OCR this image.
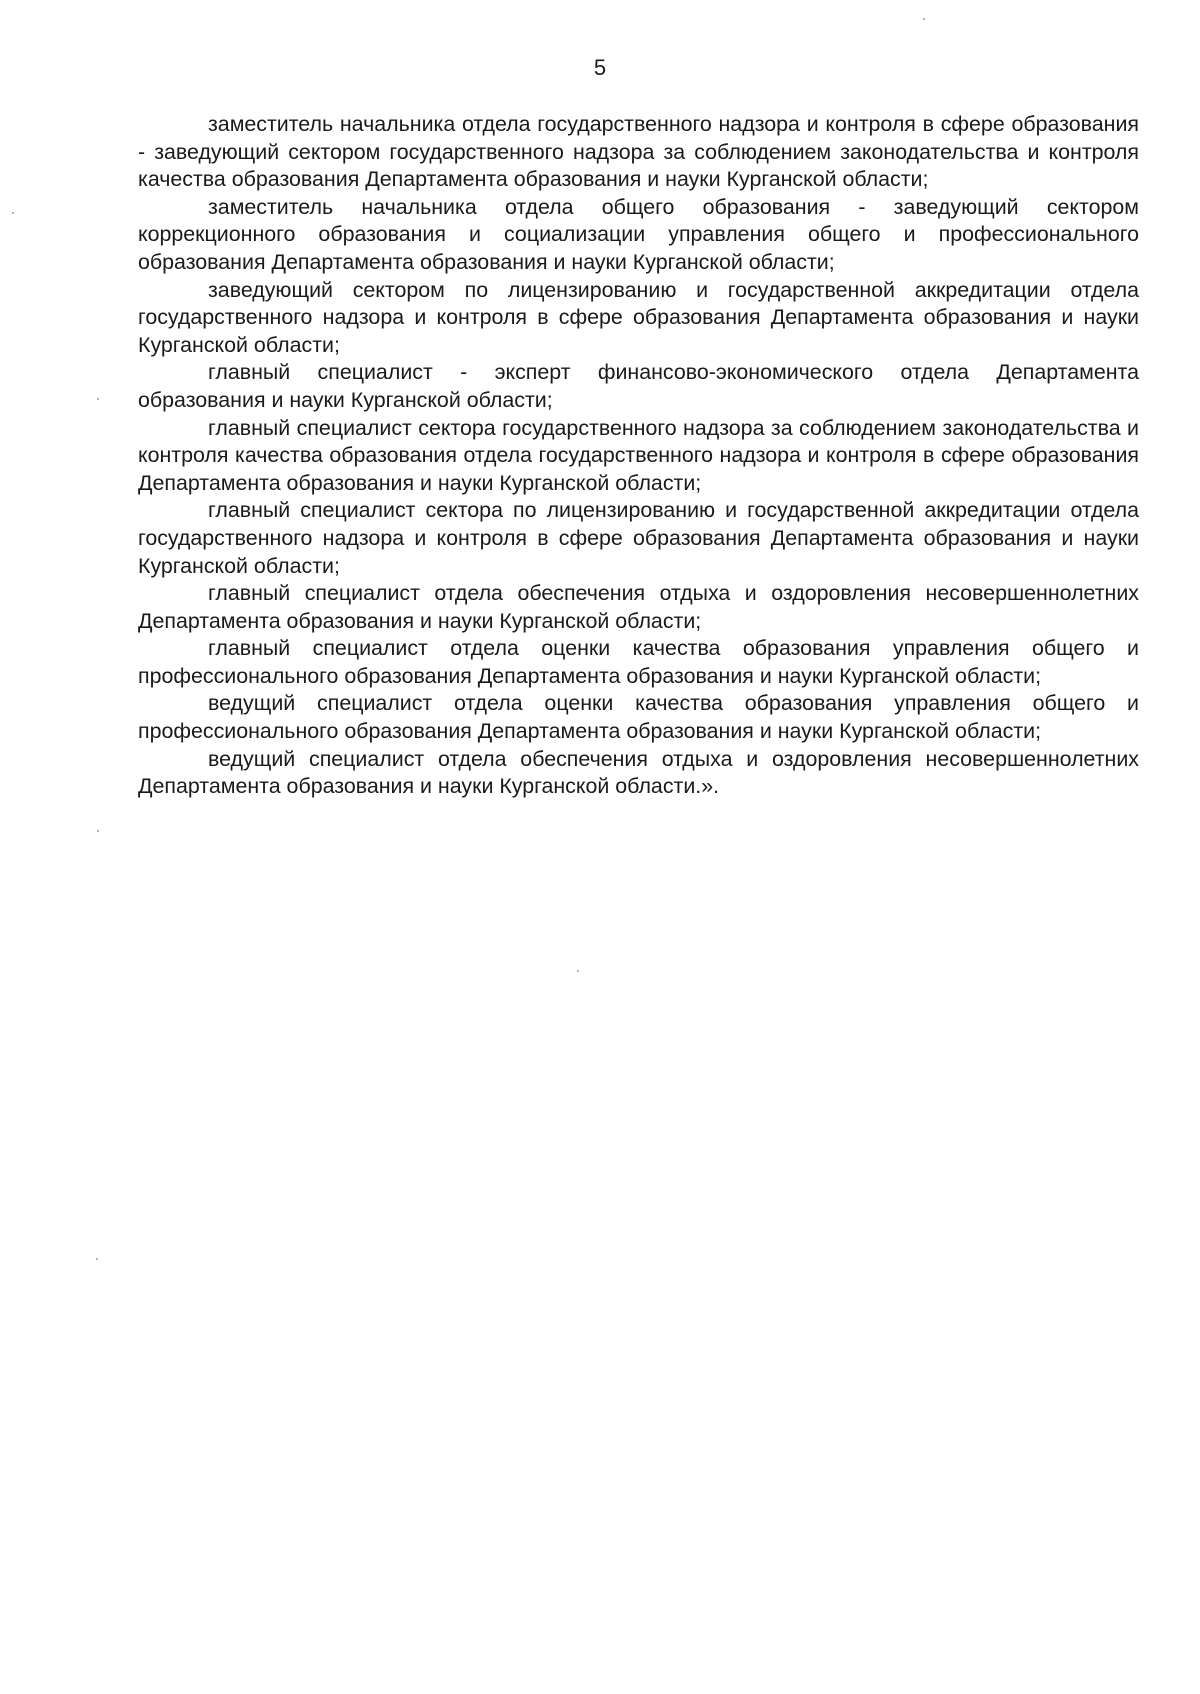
5

заместитель начальника отдела государственного надзора и контроля в сфере образования - заведующий сектором государственного надзора за соблюдением законодательства и контроля качества образования Департамента образования и науки Курганской области;

заместитель начальника отдела общего образования - заведующий сектором коррекционного образования и социализации управления общего и профессионального образования Департамента образования и науки Курганской области;

заведующий сектором по лицензированию и государственной аккредитации отдела государственного надзора и контроля в сфере образования Департамента образования и науки Курганской области;

главный специалист - эксперт финансово-экономического отдела Департамента образования и науки Курганской области;

главный специалист сектора государственного надзора за соблюдением законодательства и контроля качества образования отдела государственного надзора и контроля в сфере образования Департамента образования и науки Курганской области;

главный специалист сектора по лицензированию и государственной аккредитации отдела государственного надзора и контроля в сфере образования Департамента образования и науки Курганской области;

главный специалист отдела обеспечения отдыха и оздоровления несовершеннолетних Департамента образования и науки Курганской области;

главный специалист отдела оценки качества образования управления общего и профессионального образования Департамента образования и науки Курганской области;

ведущий специалист отдела оценки качества образования управления общего и профессионального образования Департамента образования и науки Курганской области;

ведущий специалист отдела обеспечения отдыха и оздоровления несовершеннолетних Департамента образования и науки Курганской области.».
